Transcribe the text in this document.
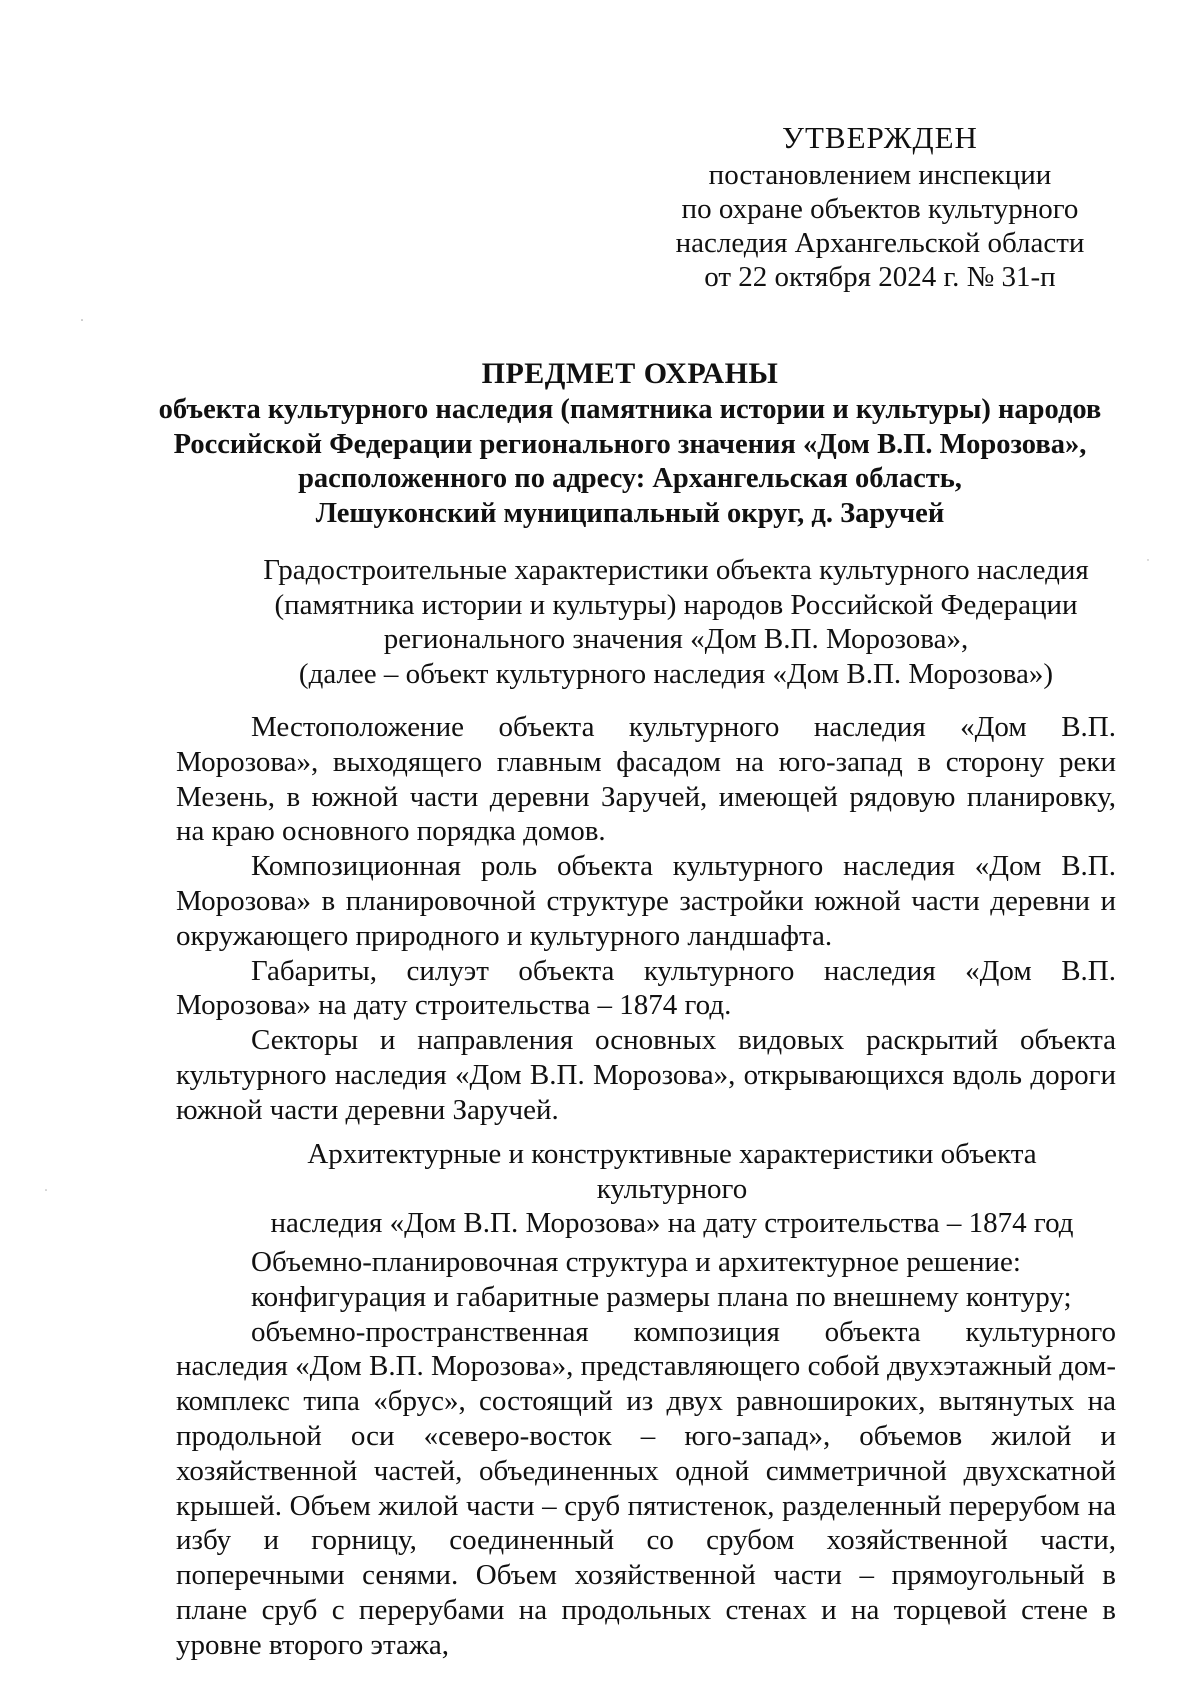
УТВЕРЖДЕН
постановлением инспекции
по охране объектов культурного
наследия Архангельской области
от 22 октября 2024 г. № 31-п
ПРЕДМЕТ ОХРАНЫ
объекта культурного наследия (памятника истории и культуры) народов
Российской Федерации регионального значения «Дом В.П. Морозова»,
расположенного по адресу: Архангельская область,
Лешуконский муниципальный округ, д. Заручей
Градостроительные характеристики объекта культурного наследия
(памятника истории и культуры) народов Российской Федерации
регионального значения «Дом В.П. Морозова»,
(далее – объект культурного наследия «Дом В.П. Морозова»)

Местоположение объекта культурного наследия «Дом В.П. Морозова», выходящего главным фасадом на юго-запад в сторону реки Мезень, в южной части деревни Заручей, имеющей рядовую планировку, на краю основного порядка домов.

Композиционная роль объекта культурного наследия «Дом В.П. Морозова» в планировочной структуре застройки южной части деревни и окружающего природного и культурного ландшафта.

Габариты, силуэт объекта культурного наследия «Дом В.П. Морозова» на дату строительства – 1874 год.

Секторы и направления основных видовых раскрытий объекта культурного наследия «Дом В.П. Морозова», открывающихся вдоль дороги южной части деревни Заручей.

Архитектурные и конструктивные характеристики объекта культурного
наследия «Дом В.П. Морозова» на дату строительства – 1874 год

Объемно-планировочная структура и архитектурное решение:

конфигурация и габаритные размеры плана по внешнему контуру;

объемно-пространственная композиция объекта культурного наследия «Дом В.П. Морозова», представляющего собой двухэтажный дом-комплекс типа «брус», состоящий из двух равношироких, вытянутых на продольной оси «северо-восток – юго-запад», объемов жилой и хозяйственной частей, объединенных одной симметричной двухскатной крышей. Объем жилой части – сруб пятистенок, разделенный перерубом на избу и горницу, соединенный со срубом хозяйственной части, поперечными сенями. Объем хозяйственной части – прямоугольный в плане сруб с перерубами на продольных стенах и на торцевой стене в уровне второго этажа,
